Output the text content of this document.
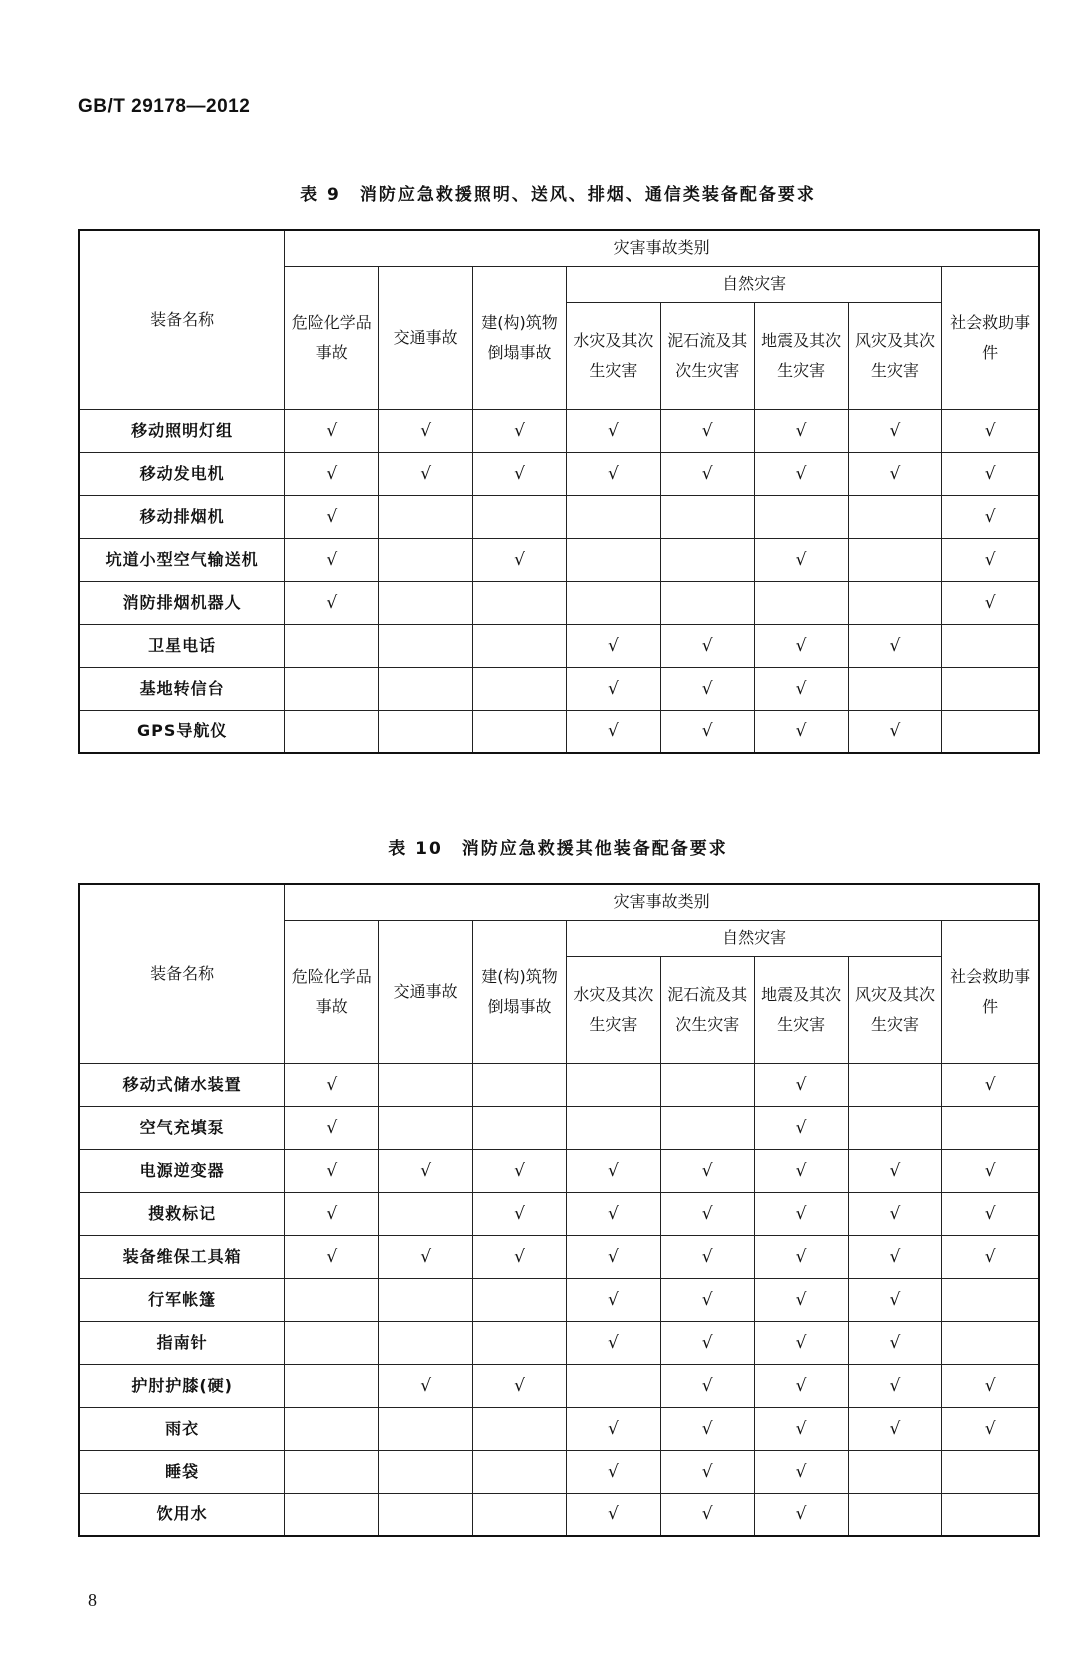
GB/T 29178—2012
表 9　消防应急救援照明、送风、排烟、通信类装备配备要求
装备名称	灾害事故类别							
	危险化学品事故	交通事故	建(构)筑物倒塌事故	自然灾害				社会救助事件
				水灾及其次生灾害	泥石流及其次生灾害	地震及其次生灾害	风灾及其次生灾害	
移动照明灯组	√	√	√	√	√	√	√	√
移动发电机	√	√	√	√	√	√	√	√
移动排烟机	√							√
坑道小型空气输送机	√		√			√		√
消防排烟机器人	√							√
卫星电话				√	√	√	√	
基地转信台				√	√	√		
GPS导航仪				√	√	√	√	
表 10　消防应急救援其他装备配备要求
装备名称	灾害事故类别							
	危险化学品事故	交通事故	建(构)筑物倒塌事故	自然灾害				社会救助事件
				水灾及其次生灾害	泥石流及其次生灾害	地震及其次生灾害	风灾及其次生灾害	
移动式储水装置	√					√		√
空气充填泵	√					√		
电源逆变器	√	√	√	√	√	√	√	√
搜救标记	√		√	√	√	√	√	√
装备维保工具箱	√	√	√	√	√	√	√	√
行军帐篷				√	√	√	√	
指南针				√	√	√	√	
护肘护膝(硬)		√	√		√	√	√	√
雨衣				√	√	√	√	√
睡袋				√	√	√		
饮用水				√	√	√		
8
